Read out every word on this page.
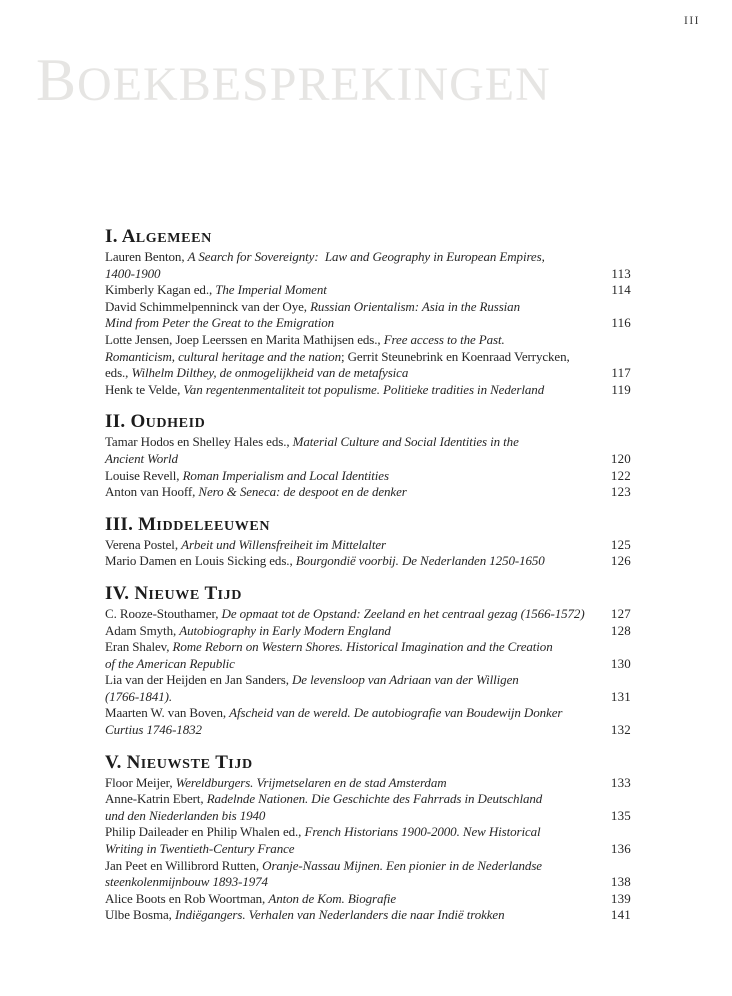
III
BOEKBESPREKINGEN
I. ALGEMEEN
Lauren Benton, A Search for Sovereignty:  Law and Geography in European Empires,
1400-1900	113
Kimberly Kagan ed., The Imperial Moment	114
David Schimmelpenninck van der Oye, Russian Orientalism: Asia in the Russian
Mind from Peter the Great to the Emigration	116
Lotte Jensen, Joep Leerssen en Marita Mathijsen eds., Free access to the Past.
Romanticism, cultural heritage and the nation; Gerrit Steunebrink en Koenraad Verrycken,
eds., Wilhelm Dilthey, de onmogelijkheid van de metafysica	117
Henk te Velde, Van regentenmentaliteit tot populisme. Politieke tradities in Nederland	119
II. OUDHEID
Tamar Hodos en Shelley Hales eds., Material Culture and Social Identities in the
Ancient World	120
Louise Revell, Roman Imperialism and Local Identities	122
Anton van Hooff, Nero & Seneca: de despoot en de denker	123
III. MIDDELEEUWEN
Verena Postel, Arbeit und Willensfreiheit im Mittelalter	125
Mario Damen en Louis Sicking eds., Bourgondië voorbij. De Nederlanden 1250-1650	126
IV. NIEUWE TIJD
C. Rooze-Stouthamer, De opmaat tot de Opstand: Zeeland en het centraal gezag (1566-1572) 127
Adam Smyth, Autobiography in Early Modern England	128
Eran Shalev, Rome Reborn on Western Shores. Historical Imagination and the Creation
of the American Republic	130
Lia van der Heijden en Jan Sanders, De levensloop van Adriaan van der Willigen
(1766-1841).	131
Maarten W. van Boven, Afscheid van de wereld. De autobiografie van Boudewijn Donker
Curtius 1746-1832	132
V. NIEUWSTE TIJD
Floor Meijer, Wereldburgers. Vrijmetselaren en de stad Amsterdam	133
Anne-Katrin Ebert, Radelnde Nationen. Die Geschichte des Fahrrads in Deutschland
und den Niederlanden bis 1940	135
Philip Daileader en Philip Whalen ed., French Historians 1900-2000. New Historical
Writing in Twentieth-Century France	136
Jan Peet en Willibrord Rutten, Oranje-Nassau Mijnen. Een pionier in de Nederlandse
steenkolenmijnbouw 1893-1974	138
Alice Boots en Rob Woortman, Anton de Kom. Biografie	139
Ulbe Bosma, Indiëgangers. Verhalen van Nederlanders die naar Indië trokken	141
